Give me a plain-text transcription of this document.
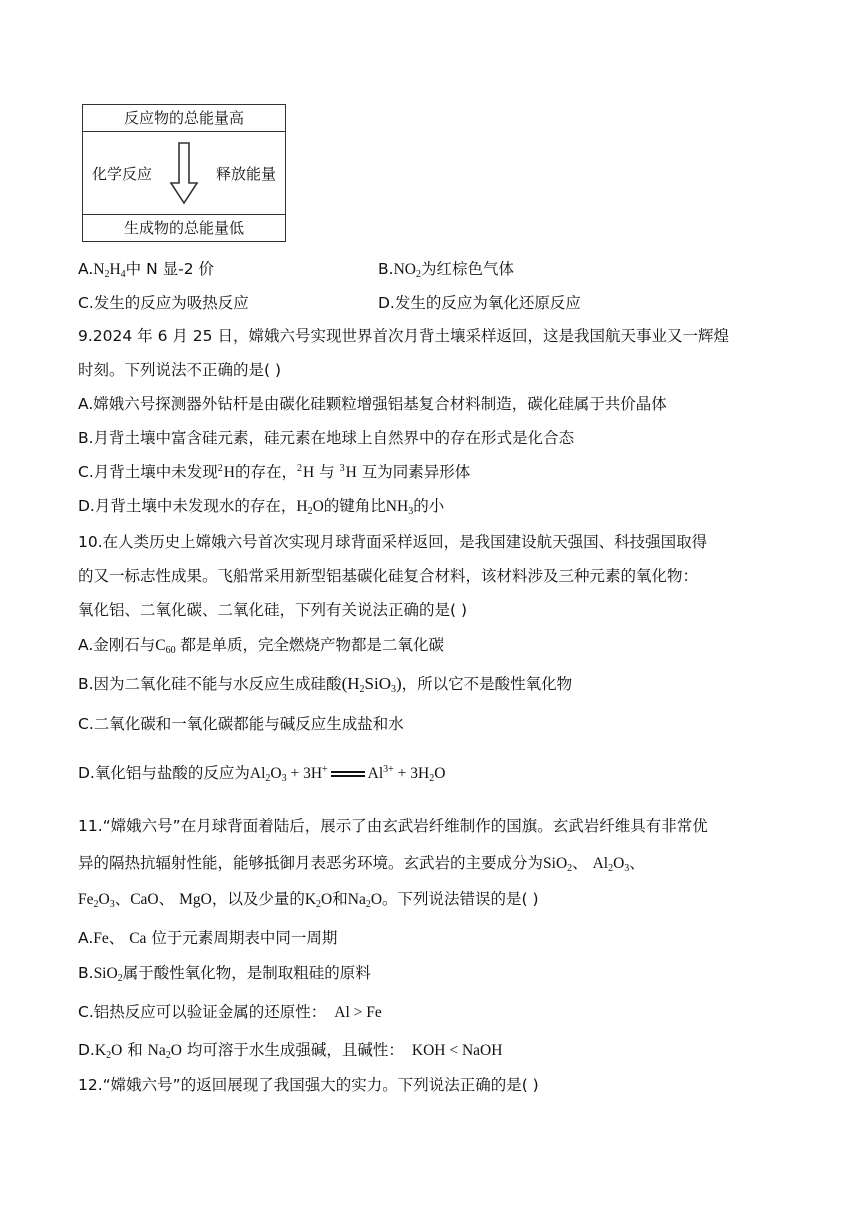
反应物的总能量高
化学反应	释放能量
生成物的总能量低
$A.N_2H_4$中 N 显-2 价	$B.NO_2$为红棕色气体
C.发生的反应为吸热反应	D.发生的反应为氧化还原反应
9.2024 年 6 月 25 日，嫦娥六号实现世界首次月背土壤采样返回，这是我国航天事业又一辉煌
时刻。下列说法不正确的是( )
A.嫦娥六号探测器外钻杆是由碳化硅颗粒增强铝基复合材料制造，碳化硅属于共价晶体
B.月背土壤中富含硅元素，硅元素在地球上自然界中的存在形式是化合态
C.月背土壤中未发现$^2$H的存在，$^2$H 与 $^3$H 互为同素异形体
D.月背土壤中未发现水的存在，$H_2O$的键角比$NH_3$的小
10.在人类历史上嫦娥六号首次实现月球背面采样返回，是我国建设航天强国、科技强国取得
的又一标志性成果。飞船常采用新型铝基碳化硅复合材料，该材料涉及三种元素的氧化物：
氧化铝、二氧化碳、二氧化硅，下列有关说法正确的是( )
A.金刚石与$C_{60}$ 都是单质，完全燃烧产物都是二氧化碳
B.因为二氧化硅不能与水反应生成硅酸$(H_2SiO_3)$，所以它不是酸性氧化物
C.二氧化碳和一氧化碳都能与碱反应生成盐和水
D.氧化铝与盐酸的反应为$Al_2O_3 + 3H^+$	$Al^{3+} + 3H_2O$
11.“嫦娥六号”在月球背面着陆后，展示了由玄武岩纤维制作的国旗。玄武岩纤维具有非常优
异的隔热抗辐射性能，能够抵御月表恶劣环境。玄武岩的主要成分为SiO$_2$、 $Al_2O_3$、
$Fe_2O_3$、CaO、 MgO，以及少量的$K_2O$和$Na_2O$。下列说法错误的是( )
A.Fe、 Ca 位于元素周期表中同一周期
B.SiO$_2$属于酸性氧化物，是制取粗硅的原料
C.铝热反应可以验证金属的还原性： Al > Fe
$D.K_2O$ 和 $Na_2O$ 均可溶于水生成强碱，且碱性： KOH < NaOH
12.“嫦娥六号”的返回展现了我国强大的实力。下列说法正确的是( )
